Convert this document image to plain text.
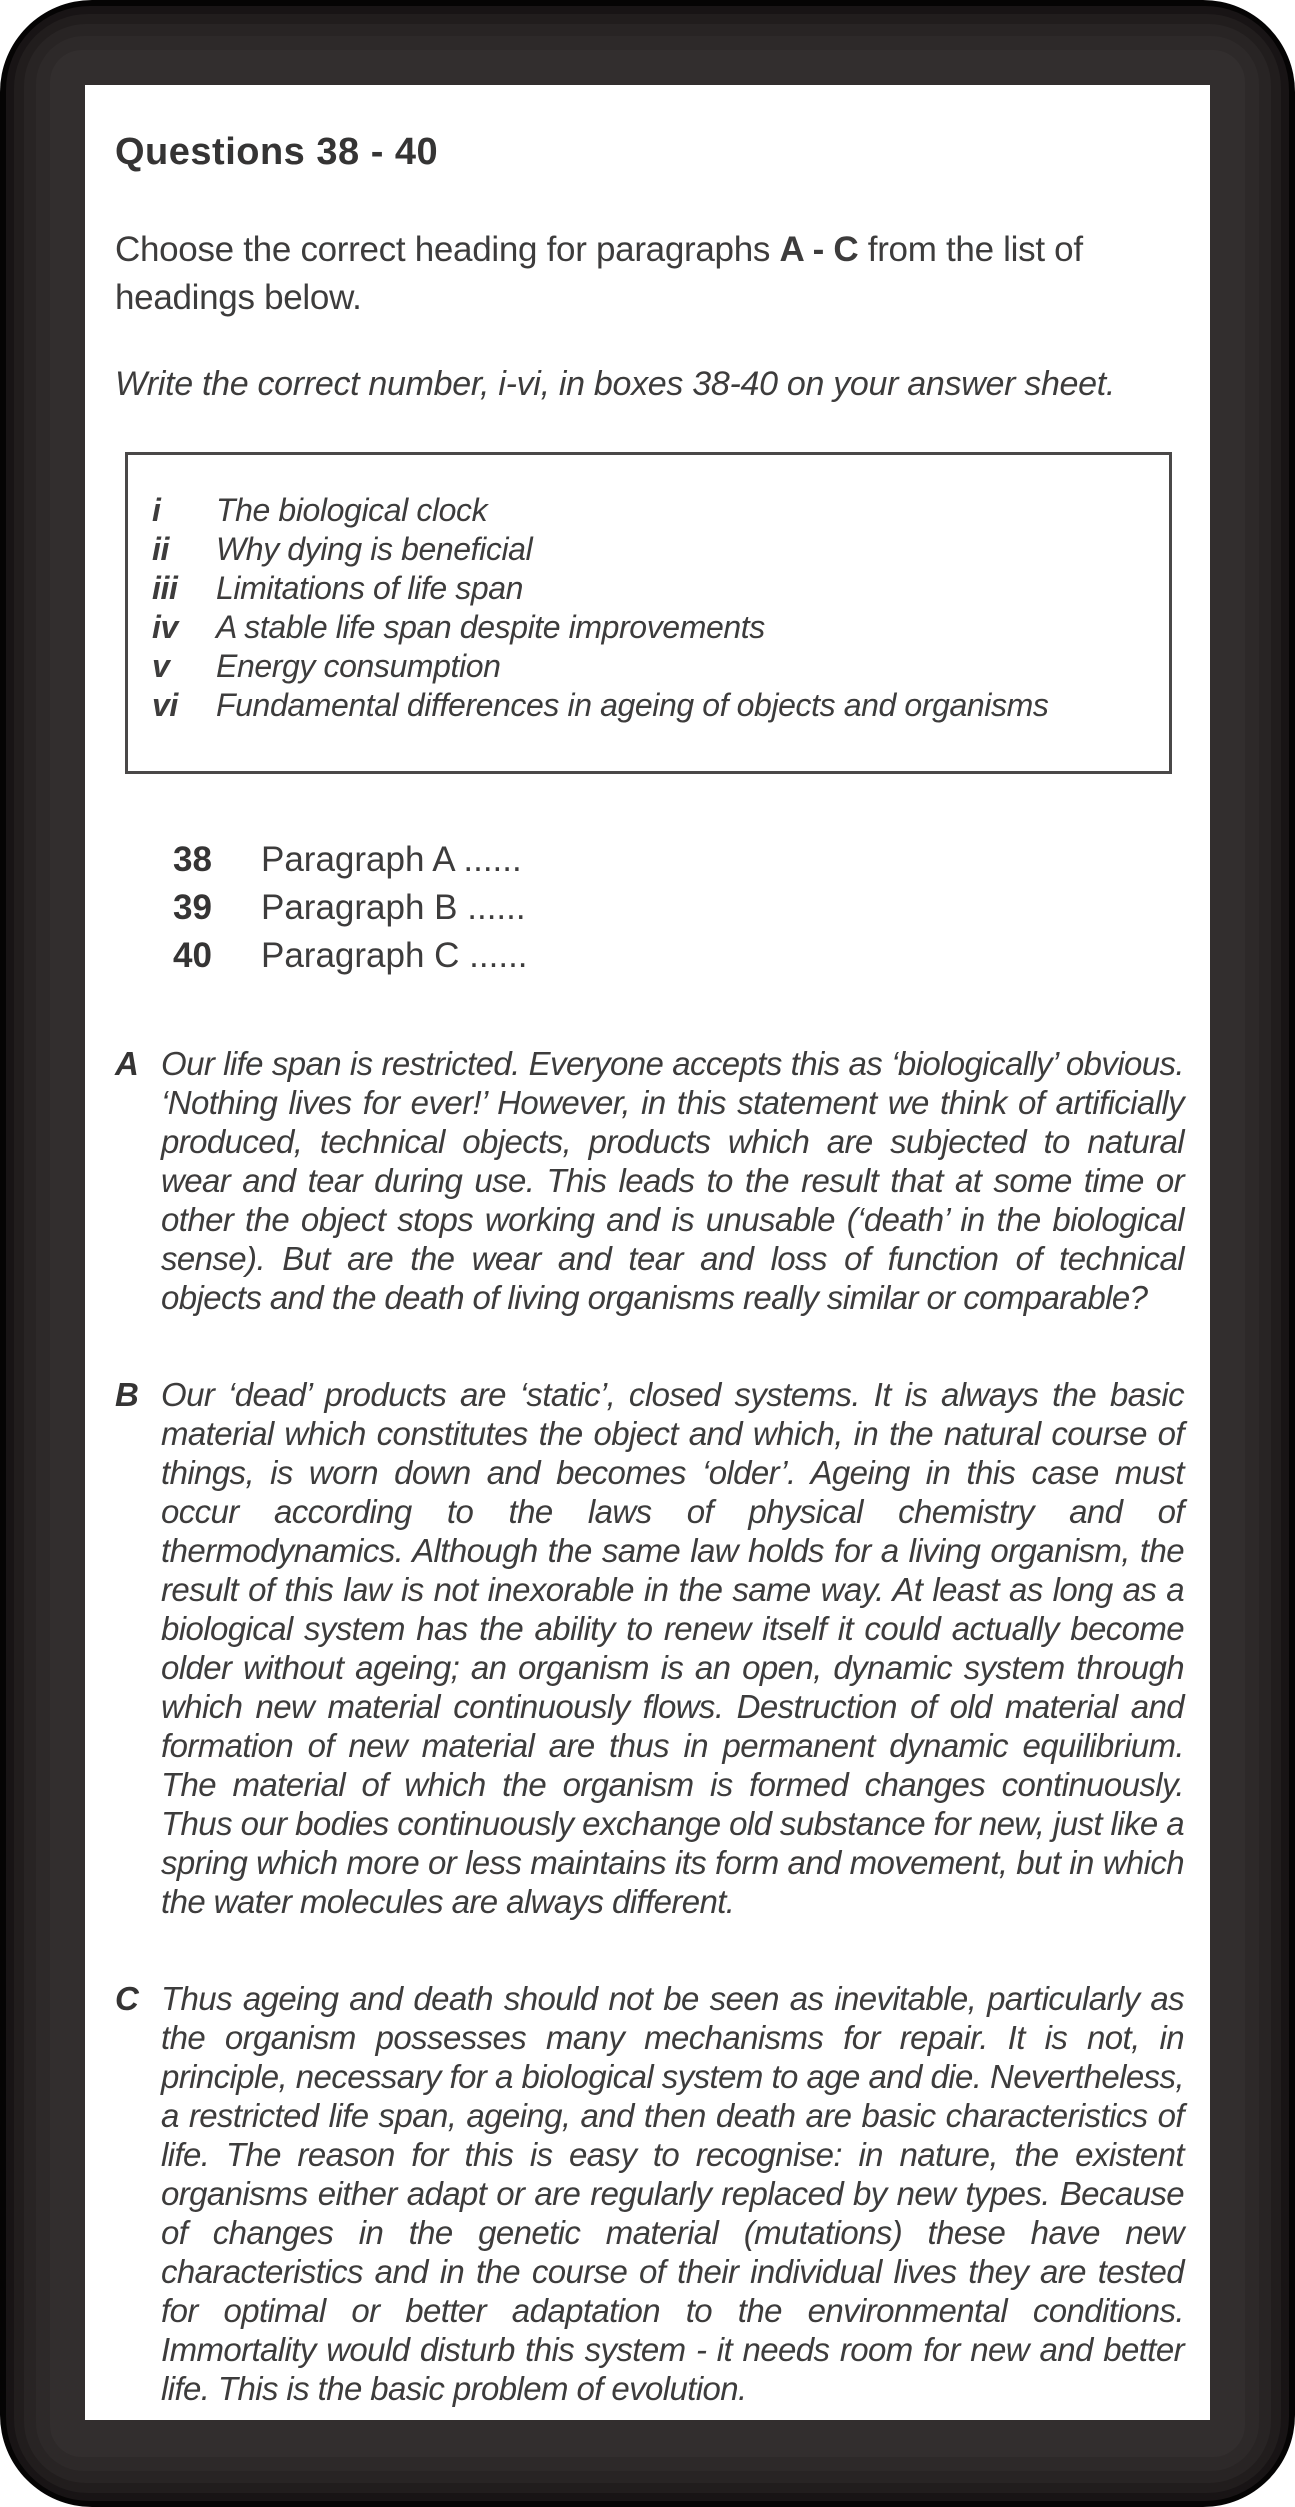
Questions 38 - 40

Choose the correct heading for paragraphs A - C from the list of headings below.

Write the correct number, i-vi, in boxes 38-40 on your answer sheet.

i	The biological clock
ii	Why dying is beneficial
iii	Limitations of life span
iv	A stable life span despite improvements
v	Energy consumption
vi	Fundamental differences in ageing of objects and organisms
38	Paragraph A ......
39	Paragraph B ......
40	Paragraph C ......
A Our life span is restricted. Everyone accepts this as ‘biologically’ obvious. ‘Nothing lives for ever!’ However, in this statement we think of artificially produced, technical objects, products which are subjected to natural wear and tear during use. This leads to the result that at some time or other the object stops working and is unusable (‘death’ in the biological sense). But are the wear and tear and loss of function of technical objects and the death of living organisms really similar or comparable?
B Our ‘dead’ products are ‘static’, closed systems. It is always the basic material which constitutes the object and which, in the natural course of things, is worn down and becomes ‘older’. Ageing in this case must occur according to the laws of physical chemistry and of thermodynamics. Although the same law holds for a living organism, the result of this law is not inexorable in the same way. At least as long as a biological system has the ability to renew itself it could actually become older without ageing; an organism is an open, dynamic system through which new material continuously flows. Destruction of old material and formation of new material are thus in permanent dynamic equilibrium. The material of which the organism is formed changes continuously. Thus our bodies continuously exchange old substance for new, just like a spring which more or less maintains its form and movement, but in which the water molecules are always different.
C Thus ageing and death should not be seen as inevitable, particularly as the organism possesses many mechanisms for repair. It is not, in principle, necessary for a biological system to age and die. Nevertheless, a restricted life span, ageing, and then death are basic characteristics of life. The reason for this is easy to recognise: in nature, the existent organisms either adapt or are regularly replaced by new types. Because of changes in the genetic material (mutations) these have new characteristics and in the course of their individual lives they are tested for optimal or better adaptation to the environmental conditions. Immortality would disturb this system - it needs room for new and better life. This is the basic problem of evolution.
